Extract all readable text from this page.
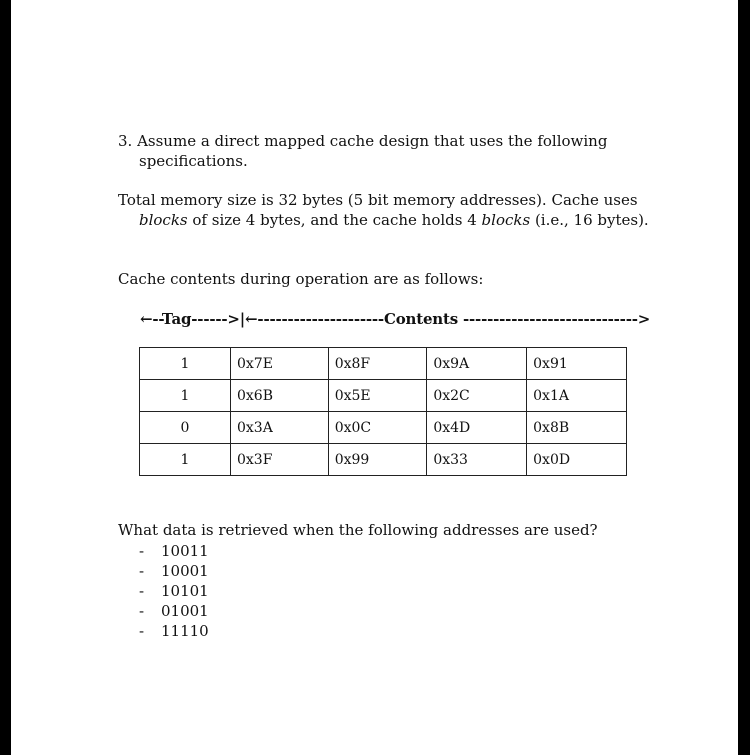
3. Assume a direct mapped cache design that uses the following
specifications.

Total memory size is 32 bytes (5 bit memory addresses). Cache uses
blocks of size 4 bytes, and the cache holds 4 blocks (i.e., 16 bytes).

Cache contents during operation are as follows:

←--Tag------>|←---------------------Contents ----------------------------->
1	0x7E	0x8F	0x9A	0x91
1	0x6B	0x5E	0x2C	0x1A
0	0x3A	0x0C	0x4D	0x8B
1	0x3F	0x99	0x33	0x0D

What data is retrieved when the following addresses are used?

-	10011
-	10001
-	10101
-	01001
-	11110
